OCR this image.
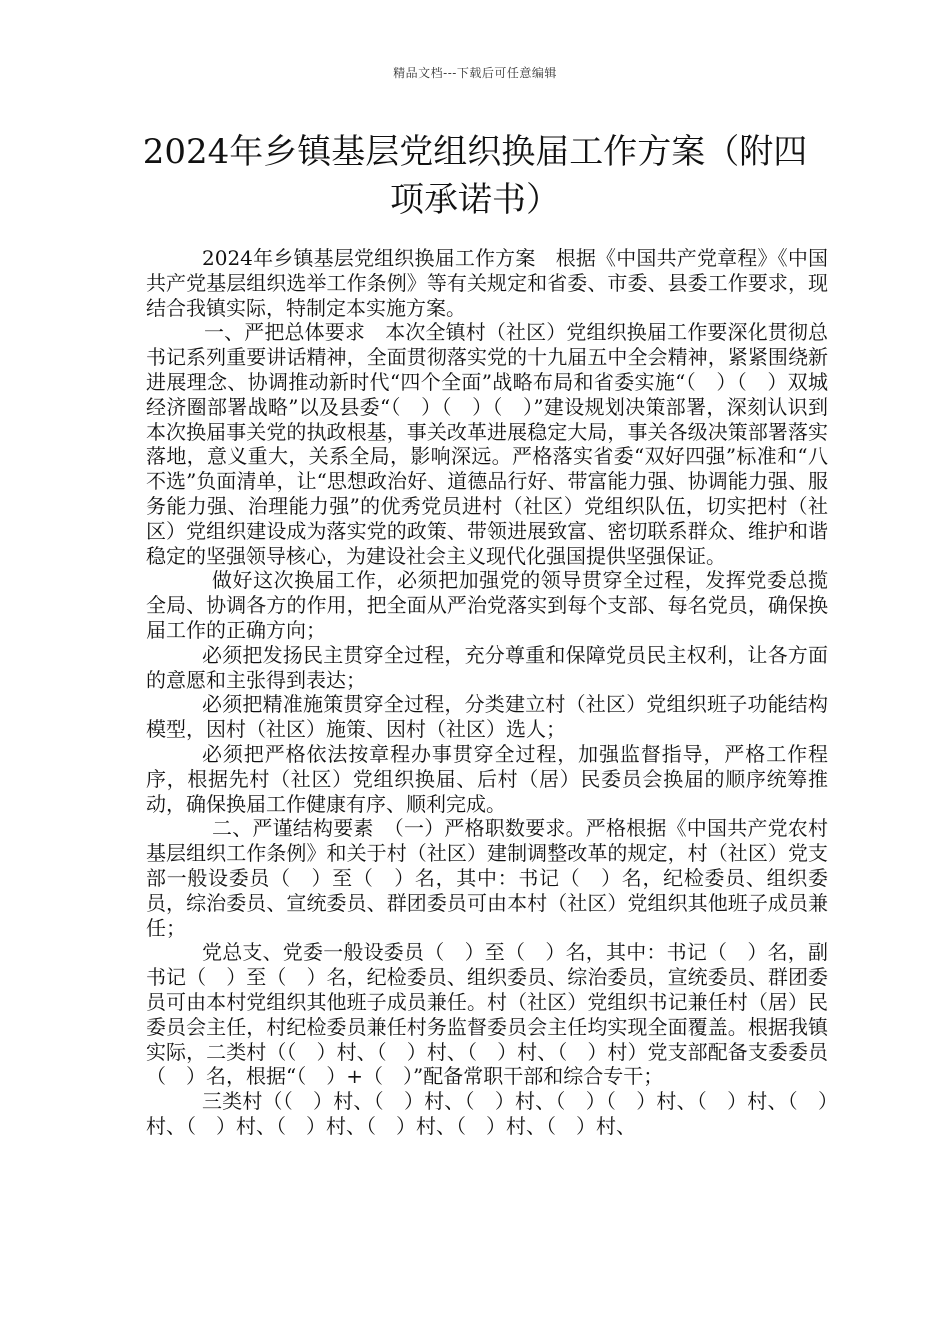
精品文档---下载后可任意编辑
2024年乡镇基层党组织换届工作方案（附四项承诺书）

2024年乡镇基层党组织换届工作方案　根据《中国共产党章程》《中国共产党基层组织选举工作条例》等有关规定和省委、市委、县委工作要求，现结合我镇实际，特制定本实施方案。

一、严把总体要求　本次全镇村（社区）党组织换届工作要深化贯彻总书记系列重要讲话精神，全面贯彻落实党的十九届五中全会精神，紧紧围绕新进展理念、协调推动新时代“四个全面”战略布局和省委实施“（　）（　）双城经济圈部署战略”以及县委“（　）（　）（　）”建设规划决策部署，深刻认识到本次换届事关党的执政根基，事关改革进展稳定大局，事关各级决策部署落实落地，意义重大，关系全局，影响深远。严格落实省委“双好四强”标准和“八不选”负面清单，让“思想政治好、道德品行好、带富能力强、协调能力强、服务能力强、治理能力强”的优秀党员进村（社区）党组织队伍，切实把村（社区）党组织建设成为落实党的政策、带领进展致富、密切联系群众、维护和谐稳定的坚强领导核心，为建设社会主义现代化强国提供坚强保证。

做好这次换届工作，必须把加强党的领导贯穿全过程，发挥党委总揽全局、协调各方的作用，把全面从严治党落实到每个支部、每名党员，确保换届工作的正确方向；

必须把发扬民主贯穿全过程，充分尊重和保障党员民主权利，让各方面的意愿和主张得到表达；

必须把精准施策贯穿全过程，分类建立村（社区）党组织班子功能结构模型，因村（社区）施策、因村（社区）选人；

必须把严格依法按章程办事贯穿全过程，加强监督指导，严格工作程序，根据先村（社区）党组织换届、后村（居）民委员会换届的顺序统筹推动，确保换届工作健康有序、顺利完成。

二、严谨结构要素　（一）严格职数要求。严格根据《中国共产党农村基层组织工作条例》和关于村（社区）建制调整改革的规定，村（社区）党支部一般设委员（　）至（　）名，其中：书记（　）名，纪检委员、组织委员，综治委员、宣统委员、群团委员可由本村（社区）党组织其他班子成员兼任；

党总支、党委一般设委员（　）至（　）名，其中：书记（　）名，副书记（　）至（　）名，纪检委员、组织委员、综治委员，宣统委员、群团委员可由本村党组织其他班子成员兼任。村（社区）党组织书记兼任村（居）民委员会主任，村纪检委员兼任村务监督委员会主任均实现全面覆盖。根据我镇实际，二类村（（　）村、（　）村、（　）村、（　）村）党支部配备支委委员（　）名，根据“（　）+（　）”配备常职干部和综合专干；

三类村（（　）村、（　）村、（　）村、（　）（　）村、（　）村、（　）村、（　）村、（　）村、（　）村、（　）村、（　）村、
